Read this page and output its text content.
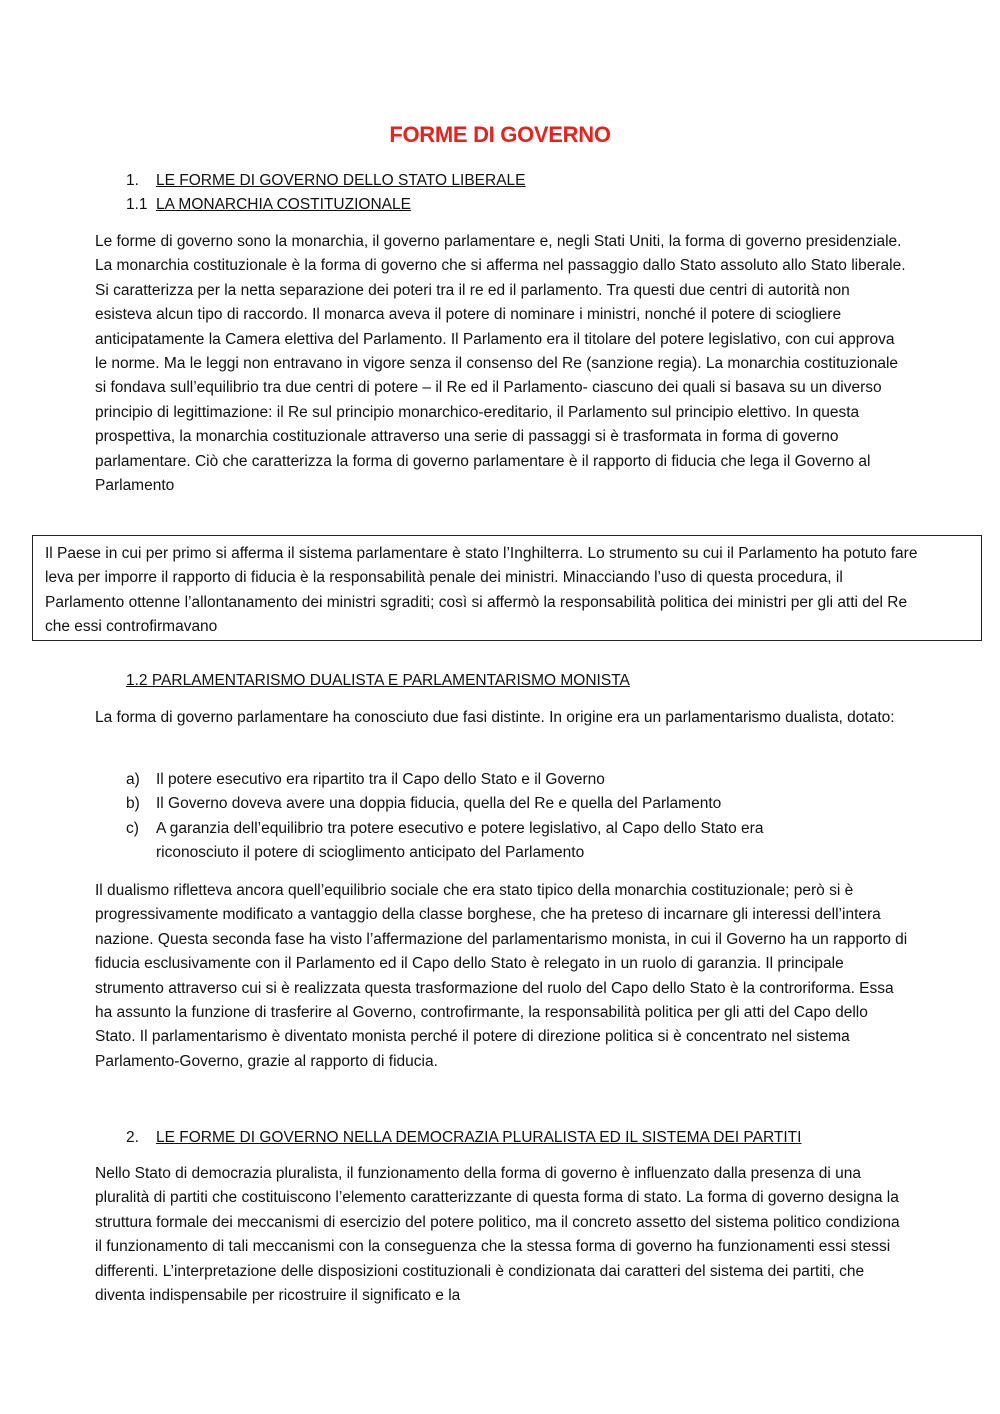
FORME DI GOVERNO
1. LE FORME DI GOVERNO DELLO STATO LIBERALE
1.1 LA MONARCHIA COSTITUZIONALE

Le forme di governo sono la monarchia, il governo parlamentare e, negli Stati Uniti, la forma di governo presidenziale. La monarchia costituzionale è la forma di governo che si afferma nel passaggio dallo Stato assoluto allo Stato liberale. Si caratterizza per la netta separazione dei poteri tra il re ed il parlamento. Tra questi due centri di autorità non esisteva alcun tipo di raccordo. Il monarca aveva il potere di nominare i ministri, nonché il potere di sciogliere anticipatamente la Camera elettiva del Parlamento. Il Parlamento era il titolare del potere legislativo, con cui approva le norme. Ma le leggi non entravano in vigore senza il consenso del Re (sanzione regia). La monarchia costituzionale si fondava sull’equilibrio tra due centri di potere – il Re ed il Parlamento- ciascuno dei quali si basava su un diverso principio di legittimazione: il Re sul principio monarchico-ereditario, il Parlamento sul principio elettivo. In questa prospettiva, la monarchia costituzionale attraverso una serie di passaggi si è trasformata in forma di governo parlamentare. Ciò che caratterizza la forma di governo parlamentare è il rapporto di fiducia che lega il Governo al Parlamento

Il Paese in cui per primo si afferma il sistema parlamentare è stato l’Inghilterra. Lo strumento su cui il Parlamento ha potuto fare leva per imporre il rapporto di fiducia è la responsabilità penale dei ministri. Minacciando l’uso di questa procedura, il Parlamento ottenne l’allontanamento dei ministri sgraditi; così si affermò la responsabilità politica dei ministri per gli atti del Re che essi controfirmavano

1.2 PARLAMENTARISMO DUALISTA E PARLAMENTARISMO MONISTA

La forma di governo parlamentare ha conosciuto due fasi distinte. In origine era un parlamentarismo dualista, dotato:

a) Il potere esecutivo era ripartito tra il Capo dello Stato e il Governo
b) Il Governo doveva avere una doppia fiducia, quella del Re e quella del Parlamento
c) A garanzia dell’equilibrio tra potere esecutivo e potere legislativo, al Capo dello Stato era riconosciuto il potere di scioglimento anticipato del Parlamento

Il dualismo rifletteva ancora quell’equilibrio sociale che era stato tipico della monarchia costituzionale; però si è progressivamente modificato a vantaggio della classe borghese, che ha preteso di incarnare gli interessi dell’intera nazione. Questa seconda fase ha visto l’affermazione del parlamentarismo monista, in cui il Governo ha un rapporto di fiducia esclusivamente con il Parlamento ed il Capo dello Stato è relegato in un ruolo di garanzia. Il principale strumento attraverso cui si è realizzata questa trasformazione del ruolo del Capo dello Stato è la controriforma. Essa ha assunto la funzione di trasferire al Governo, controfirmante, la responsabilità politica per gli atti del Capo dello Stato. Il parlamentarismo è diventato monista perché il potere di direzione politica si è concentrato nel sistema Parlamento-Governo, grazie al rapporto di fiducia.

2. LE FORME DI GOVERNO NELLA DEMOCRAZIA PLURALISTA ED IL SISTEMA DEI PARTITI

Nello Stato di democrazia pluralista, il funzionamento della forma di governo è influenzato dalla presenza di una pluralità di partiti che costituiscono l’elemento caratterizzante di questa forma di stato. La forma di governo designa la struttura formale dei meccanismi di esercizio del potere politico, ma il concreto assetto del sistema politico condiziona il funzionamento di tali meccanismi con la conseguenza che la stessa forma di governo ha funzionamenti essi stessi differenti. L’interpretazione delle disposizioni costituzionali è condizionata dai caratteri del sistema dei partiti, che diventa indispensabile per ricostruire il significato e la
